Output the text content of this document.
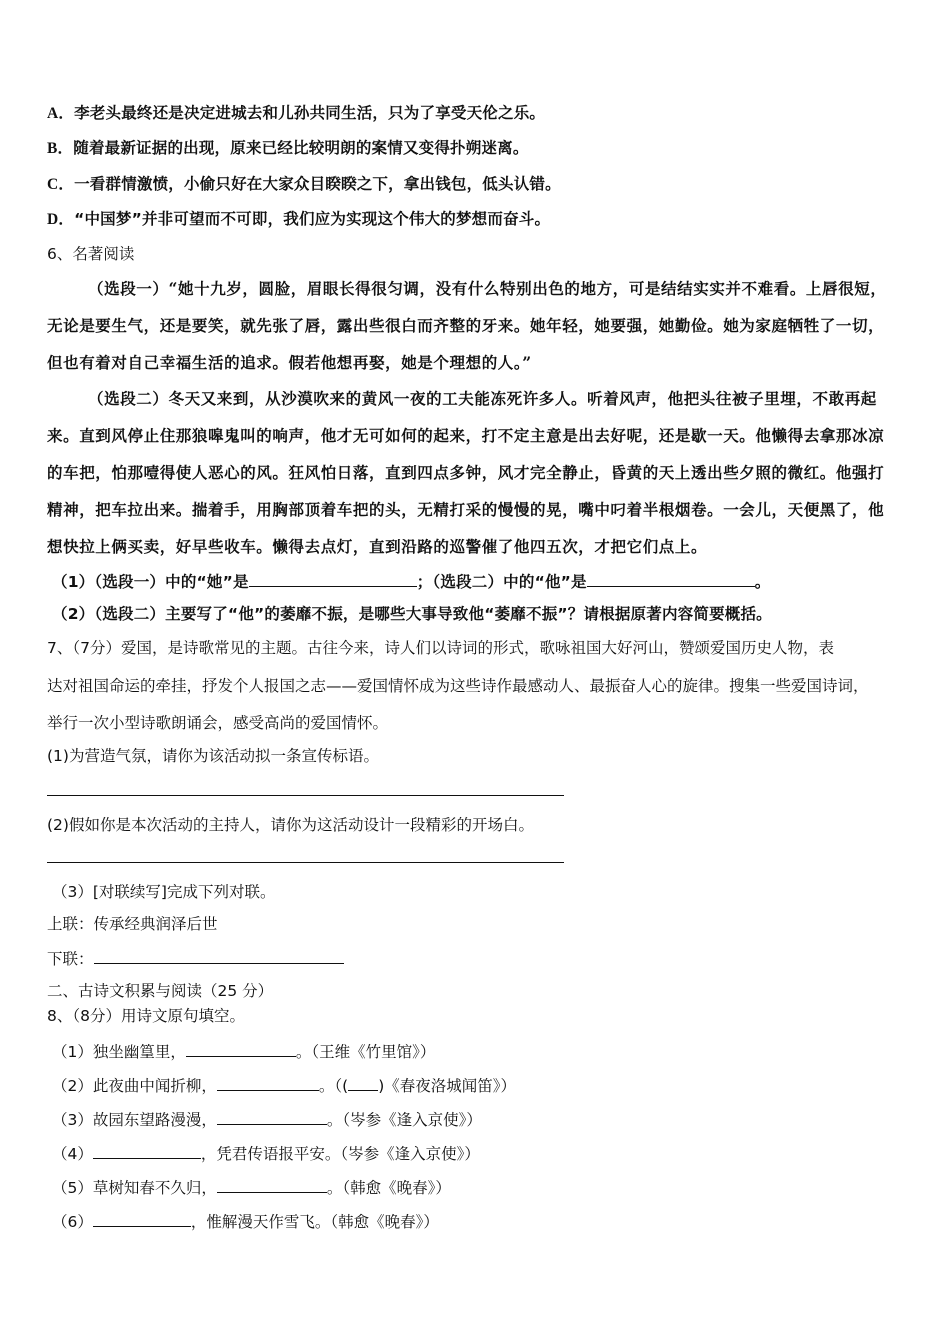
A．李老头最终还是决定进城去和儿孙共同生活，只为了享受天伦之乐。
B．随着最新证据的出现，原来已经比较明朗的案情又变得扑朔迷离。
C．一看群情激愤，小偷只好在大家众目睽睽之下，拿出钱包，低头认错。
D．“中国梦”并非可望而不可即，我们应为实现这个伟大的梦想而奋斗。
6、名著阅读
（选段一）“她十九岁，圆脸，眉眼长得很匀调，没有什么特别出色的地方，可是结结实实并不难看。上唇很短，
无论是要生气，还是要笑，就先张了唇，露出些很白而齐整的牙来。她年轻，她要强，她勤俭。她为家庭牺牲了一切，
但也有着对自己幸福生活的追求。假若他想再娶，她是个理想的人。”
（选段二）冬天又来到，从沙漠吹来的黄风一夜的工夫能冻死许多人。听着风声，他把头往被子里埋，不敢再起
来。直到风停止住那狼嗥鬼叫的响声，他才无可如何的起来，打不定主意是出去好呢，还是歇一天。他懒得去拿那冰凉
的车把，怕那噎得使人恶心的风。狂风怕日落，直到四点多钟，风才完全静止，昏黄的天上透出些夕照的微红。他强打
精神，把车拉出来。揣着手，用胸部顶着车把的头，无精打采的慢慢的晃，嘴中叼着半根烟卷。一会儿，天便黑了，他
想快拉上俩买卖，好早些收车。懒得去点灯，直到沿路的巡警催了他四五次，才把它们点上。
（1）（选段一）中的“她”是	；（选段二）中的“他”是	。
（2）（选段二）主要写了“他”的萎靡不振，是哪些大事导致他“萎靡不振”？请根据原著内容简要概括。
7、（7分）爱国，是诗歌常见的主题。古往今来，诗人们以诗词的形式，歌咏祖国大好河山，赞颂爱国历史人物，表
达对祖国命运的牵挂，抒发个人报国之志——爱国情怀成为这些诗作最感动人、最振奋人心的旋律。搜集一些爱国诗词，
举行一次小型诗歌朗诵会，感受高尚的爱国情怀。
(1)为营造气氛，请你为该活动拟一条宣传标语。
(2)假如你是本次活动的主持人，请你为这活动设计一段精彩的开场白。
（3）[对联续写]完成下列对联。
上联：传承经典润泽后世
下联：
二、古诗文积累与阅读（25 分）
8、（8分）用诗文原句填空。
（1）独坐幽篁里，	。（王维《竹里馆》）
（2）此夜曲中闻折柳，	。（( )《春夜洛城闻笛》）
（3）故园东望路漫漫，	。（岑参《逢入京使》）
（4）	，凭君传语报平安。（岑参《逢入京使》）
（5）草树知春不久归，	。（韩愈《晚春》）
（6）	，惟解漫天作雪飞。（韩愈《晚春》）
